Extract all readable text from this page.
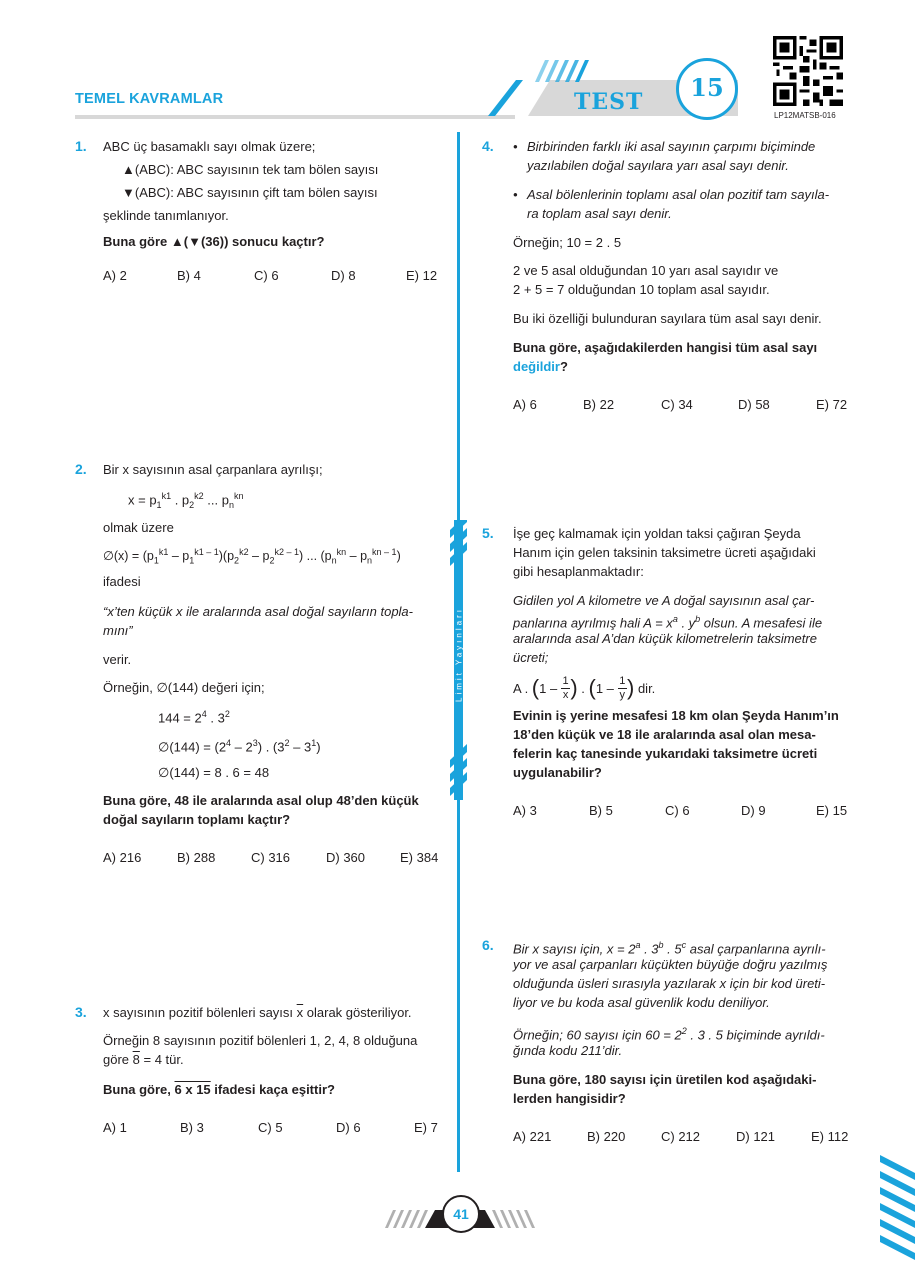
TEMEL KAVRAMLAR	TEST	15
LP12MATSB-016
Limit Yayınları
1. ABC üç basamaklı sayı olmak üzere;
▲(ABC): ABC sayısının tek tam bölen sayısı
▼(ABC): ABC sayısının çift tam bölen sayısı
şeklinde tanımlanıyor.
Buna göre ▲(▼(36)) sonucu kaçtır?
A) 2	B) 4	C) 6	D) 8	E) 12
2. Bir x sayısının asal çarpanlara ayrılışı;
$x = p_1^{k1}$ . $p_2^{k2}$ ... $p_n^{kn}$
olmak üzere
∅(x) = $(p_1^{k1} - p_1^{k1 - 1})(p_2^{k2} - p_2^{k2 - 1})$ ... $(p_n^{kn} - p_n^{kn - 1})$
ifadesi
“x’ten küçük x ile aralarında asal doğal sayıların topla-
mını”
verir.
Örneğin, ∅(144) değeri için;
$144 = 2^4$ . $3^2$
∅(144) = $(2^4 - 2^3)$ . $(3^2 - 3^1)$
∅(144) = 8 . 6 = 48
Buna göre, 48 ile aralarında asal olup 48’den küçük
doğal sayıların toplamı kaçtır?
A) 216	B) 288	C) 316	D) 360	E) 384
3. x sayısının pozitif bölenleri sayısı $\overline{x}$ olarak gösteriliyor.
Örneğin 8 sayısının pozitif bölenleri 1, 2, 4, 8 olduğuna
göre 8 = 4 tür.
Buna göre, 6 x 15 ifadesi kaça eşittir?
A) 1	B) 3	C) 5	D) 6	E) 7
4. • Birbirinden farklı iki asal sayının çarpımı biçiminde
yazılabilen doğal sayılara yarı asal sayı denir.
• Asal bölenlerinin toplamı asal olan pozitif tam sayıla-
ra toplam asal sayı denir.
Örneğin; 10 = 2 . 5
2 ve 5 asal olduğundan 10 yarı asal sayıdır ve
2 + 5 = 7 olduğundan 10 toplam asal sayıdır.
Bu iki özelliği bulunduran sayılara tüm asal sayı denir.
Buna göre, aşağıdakilerden hangisi tüm asal sayı
değildir?
A) 6	B) 22	C) 34	D) 58	E) 72
5. İşe geç kalmamak için yoldan taksi çağıran Şeyda
Hanım için gelen taksinin taksimetre ücreti aşağıdaki
gibi hesaplanmaktadır:
Gidilen yol A kilometre ve A doğal sayısının asal çar-
panlarına ayrılmış hali $A = x^a$ . $y^b$ olsun. A mesafesi ile
aralarında asal A’dan küçük kilometrelerin taksimetre
ücreti;
A . ( 1 – 1
x ) . ( 1 – 1
y )
dir.
Evinin iş yerine mesafesi 18 km olan Şeyda Hanım’ın
18’den küçük ve 18 ile aralarında asal olan mesa-
felerin kaç tanesinde yukarıdaki taksimetre ücreti
uygulanabilir?
A) 3	B) 5	C) 6	D) 9	E) 15
6. Bir x sayısı için, $x = 2^a$ . 3$^b$ . 5$^c$ asal çarpanlarına ayrılı-
yor ve asal çarpanları küçükten büyüğe doğru yazılmış
olduğunda üsleri sırasıyla yazılarak x için bir kod üreti-
liyor ve bu koda asal güvenlik kodu deniliyor.
Örneğin; 60 sayısı için $60 = 2^2$ . 3 . 5 biçiminde ayrıldı-
ğında kodu 211’dir.
Buna göre, 180 sayısı için üretilen kod aşağıdaki-
lerden hangisidir?
A) 221	B) 220	C) 212	D) 121	E) 112
41
